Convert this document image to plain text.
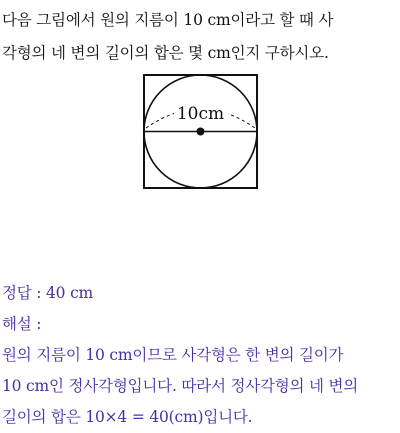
다음 그림에서 원의 지름이 10 cm이라고 할 때 사
각형의 네 변의 길이의 합은 몇 cm인지 구하시오.
10cm
정답 : 40 cm
해설 :
원의 지름이 10 cm이므로 사각형은 한 변의 길이가
10 cm인 정사각형입니다. 따라서 정사각형의 네 변의
길이의 합은 10×4 = 40(cm)입니다.
